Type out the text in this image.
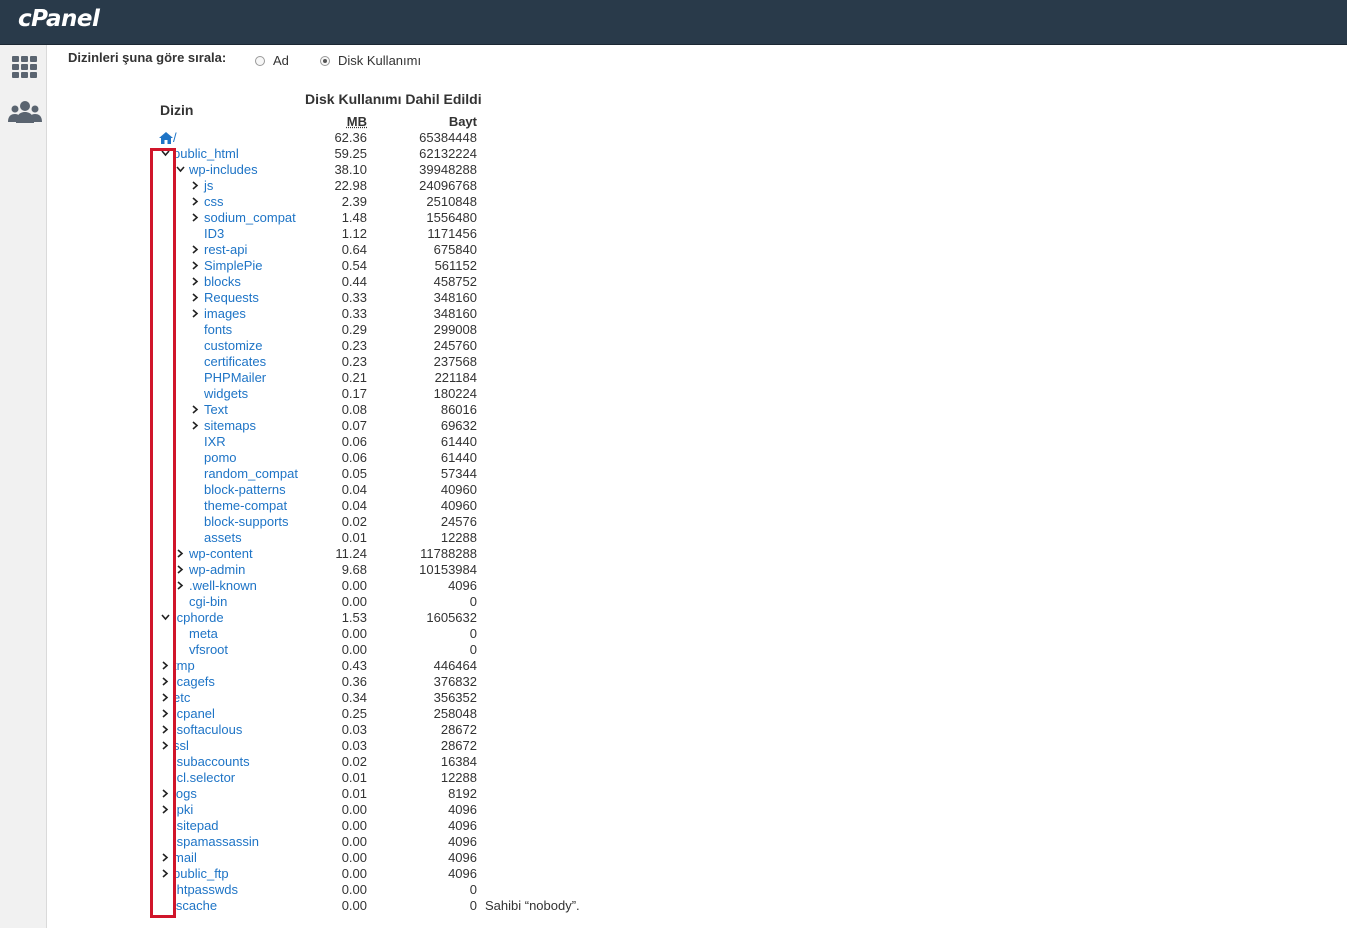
cPanel
Dizinleri şuna göre sırala:	Ad	Disk Kullanımı
Dizin
Disk Kullanımı Dahil Edildi
MB	Bayt
/	62.36	65384448
public_html	59.25	62132224
wp-includes	38.10	39948288
js	22.98	24096768
css	2.39	2510848
sodium_compat	1.48	1556480
ID3	1.12	1171456
rest-api	0.64	675840
SimplePie	0.54	561152
blocks	0.44	458752
Requests	0.33	348160
images	0.33	348160
fonts	0.29	299008
customize	0.23	245760
certificates	0.23	237568
PHPMailer	0.21	221184
widgets	0.17	180224
Text	0.08	86016
sitemaps	0.07	69632
IXR	0.06	61440
pomo	0.06	61440
random_compat	0.05	57344
block-patterns	0.04	40960
theme-compat	0.04	40960
block-supports	0.02	24576
assets	0.01	12288
wp-content	11.24	11788288
wp-admin	9.68	10153984
.well-known	0.00	4096
cgi-bin	0.00	0
.cphorde	1.53	1605632
meta	0.00	0
vfsroot	0.00	0
tmp	0.43	446464
.cagefs	0.36	376832
etc	0.34	356352
.cpanel	0.25	258048
.softaculous	0.03	28672
ssl	0.03	28672
.subaccounts	0.02	16384
.cl.selector	0.01	12288
logs	0.01	8192
.pki	0.00	4096
.sitepad	0.00	4096
.spamassassin	0.00	4096
mail	0.00	4096
public_ftp	0.00	4096
.htpasswds	0.00	0
lscache	0.00	0 Sahibi “nobody”.
